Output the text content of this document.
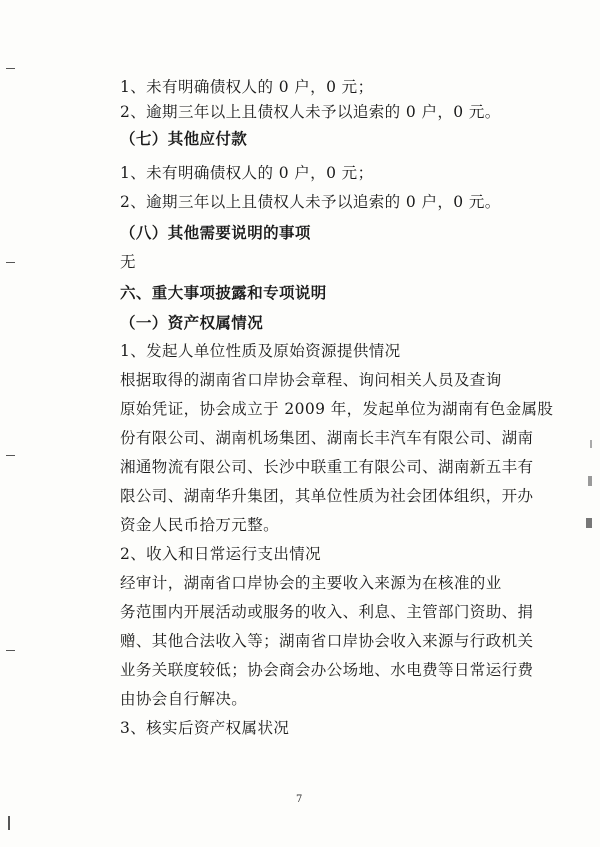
1、未有明确债权人的 0 户，0 元；
2、逾期三年以上且债权人未予以追索的 0 户，0 元。
（七）其他应付款
1、未有明确债权人的 0 户，0 元；
2、逾期三年以上且债权人未予以追索的 0 户，0 元。
（八）其他需要说明的事项
无
六、重大事项披露和专项说明
（一）资产权属情况
1、发起人单位性质及原始资源提供情况
根据取得的湖南省口岸协会章程、询问相关人员及查询
原始凭证，协会成立于 2009 年，发起单位为湖南有色金属股
份有限公司、湖南机场集团、湖南长丰汽车有限公司、湖南
湘通物流有限公司、长沙中联重工有限公司、湖南新五丰有
限公司、湖南华升集团，其单位性质为社会团体组织，开办
资金人民币拾万元整。
2、收入和日常运行支出情况
经审计，湖南省口岸协会的主要收入来源为在核准的业
务范围内开展活动或服务的收入、利息、主管部门资助、捐
赠、其他合法收入等；湖南省口岸协会收入来源与行政机关
业务关联度较低；协会商会办公场地、水电费等日常运行费
由协会自行解决。
3、核实后资产权属状况
7
